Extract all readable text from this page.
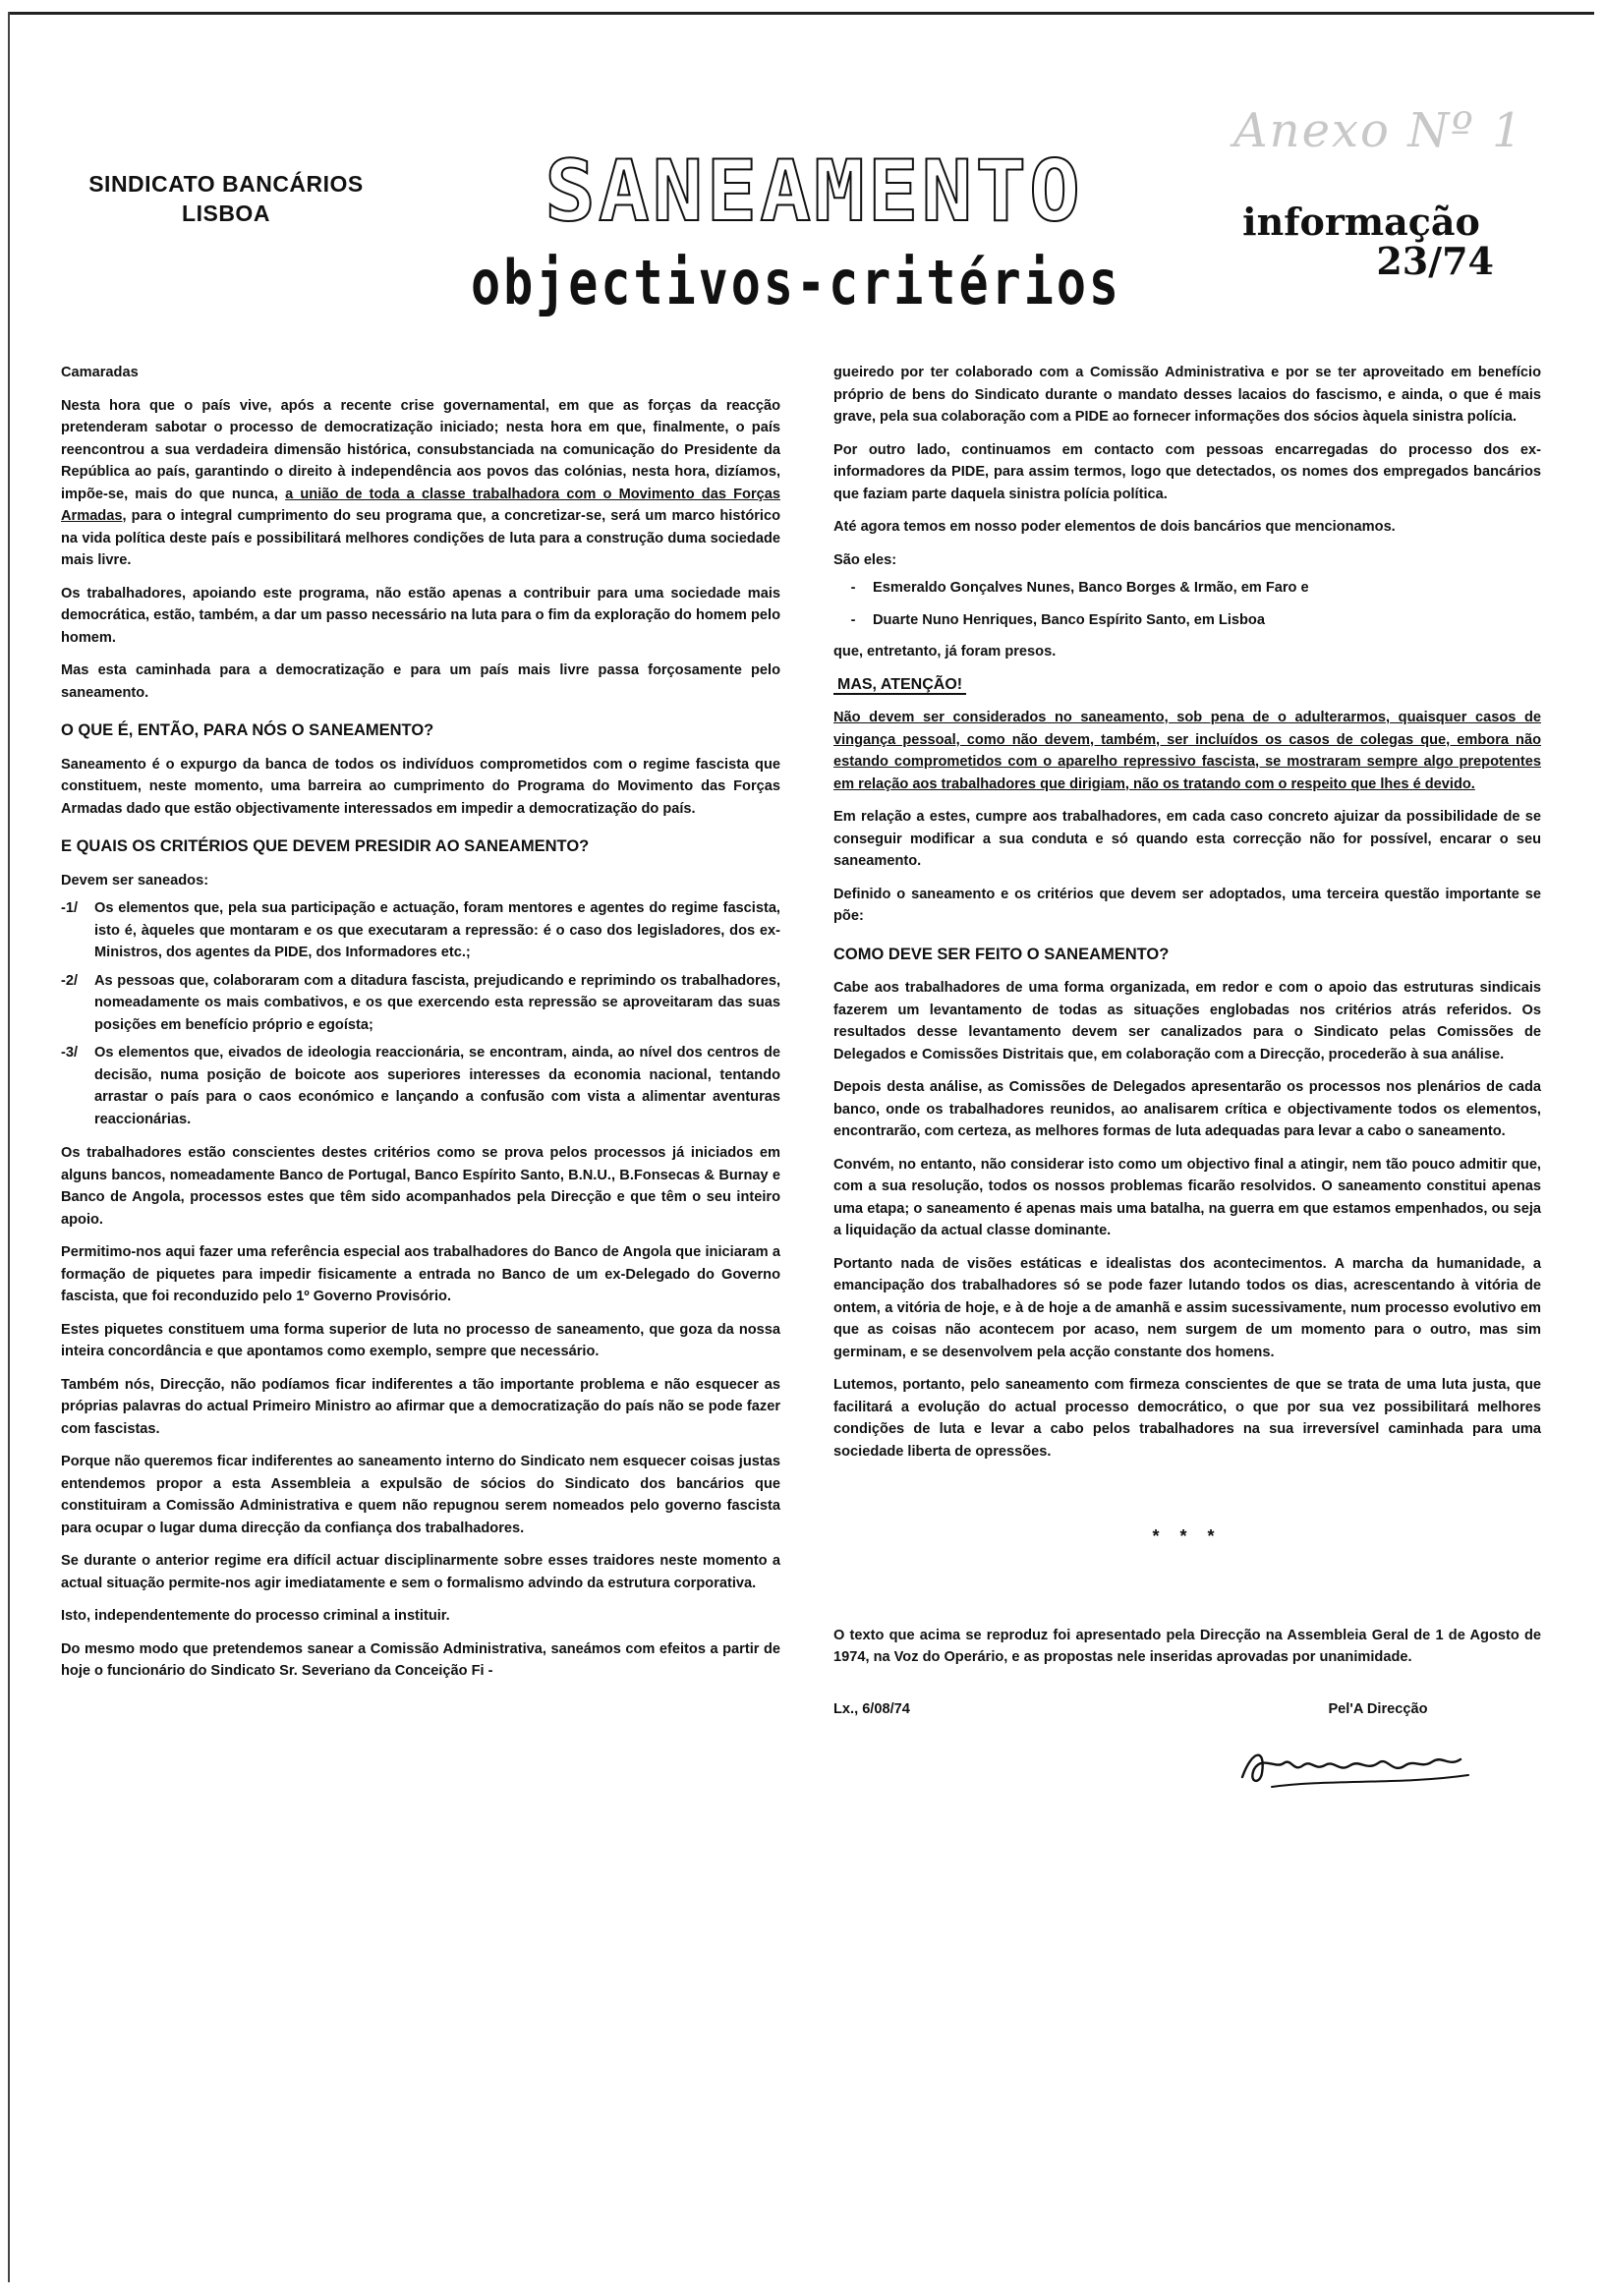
Anexo Nº 1
SINDICATO BANCÁRIOS
LISBOA	SANEAMENTO
objectivos-critérios
informação
23/74

Camaradas

Nesta hora que o país vive, após a recente crise governamental, em que as forças da reacção pretenderam sabotar o processo de democratização iniciado; nesta hora em que, finalmente, o país reencontrou a sua verdadeira dimensão histórica, consubstanciada na comunicação do Presidente da República ao país, garantindo o direito à independência aos povos das colónias, nesta hora, dizíamos, impõe-se, mais do que nunca, a união de toda a classe trabalhadora com o Movimento das Forças Armadas, para o integral cumprimento do seu programa que, a concretizar-se, será um marco histórico na vida política deste país e possibilitará melhores condições de luta para a construção duma sociedade mais livre.

Os trabalhadores, apoiando este programa, não estão apenas a contribuir para uma sociedade mais democrática, estão, também, a dar um passo necessário na luta para o fim da exploração do homem pelo homem.

Mas esta caminhada para a democratização e para um país mais livre passa forçosamente pelo saneamento.

O QUE É, ENTÃO, PARA NÓS O SANEAMENTO?

Saneamento é o expurgo da banca de todos os indivíduos comprometidos com o regime fascista que constituem, neste momento, uma barreira ao cumprimento do Programa do Movimento das Forças Armadas dado que estão objectivamente interessados em impedir a democratização do país.

E QUAIS OS CRITÉRIOS QUE DEVEM PRESIDIR AO SANEAMENTO?

Devem ser saneados:

-1/	Os elementos que, pela sua participação e actuação, foram mentores e agentes do regime fascista, isto é, àqueles que montaram e os que executaram a repressão: é o caso dos legisladores, dos ex-Ministros, dos agentes da PIDE, dos Informadores etc.;
-2/	As pessoas que, colaboraram com a ditadura fascista, prejudicando e reprimindo os trabalhadores, nomeadamente os mais combativos, e os que exercendo esta repressão se aproveitaram das suas posições em benefício próprio e egoísta;
-3/	Os elementos que, eivados de ideologia reaccionária, se encontram, ainda, ao nível dos centros de decisão, numa posição de boicote aos superiores interesses da economia nacional, tentando arrastar o país para o caos económico e lançando a confusão com vista a alimentar aventuras reaccionárias.

Os trabalhadores estão conscientes destes critérios como se prova pelos processos já iniciados em alguns bancos, nomeadamente Banco de Portugal, Banco Espírito Santo, B.N.U., B.Fonsecas & Burnay e Banco de Angola, processos estes que têm sido acompanhados pela Direcção e que têm o seu inteiro apoio.

Permitimo-nos aqui fazer uma referência especial aos trabalhadores do Banco de Angola que iniciaram a formação de piquetes para impedir fisicamente a entrada no Banco de um ex-Delegado do Governo fascista, que foi reconduzido pelo 1º Governo Provisório.

Estes piquetes constituem uma forma superior de luta no processo de saneamento, que goza da nossa inteira concordância e que apontamos como exemplo, sempre que necessário.

Também nós, Direcção, não podíamos ficar indiferentes a tão importante problema e não esquecer as próprias palavras do actual Primeiro Ministro ao afirmar que a democratização do país não se pode fazer com fascistas.

Porque não queremos ficar indiferentes ao saneamento interno do Sindicato nem esquecer coisas justas entendemos propor a esta Assembleia a expulsão de sócios do Sindicato dos bancários que constituiram a Comissão Administrativa e quem não repugnou serem nomeados pelo governo fascista para ocupar o lugar duma direcção da confiança dos trabalhadores.

Se durante o anterior regime era difícil actuar disciplinarmente sobre esses traidores neste momento a actual situação permite-nos agir imediatamente e sem o formalismo advindo da estrutura corporativa.

Isto, independentemente do processo criminal a instituir.

Do mesmo modo que pretendemos sanear a Comissão Administrativa, saneámos com efeitos a partir de hoje o funcionário do Sindicato Sr. Severiano da Conceição Fi -

gueiredo por ter colaborado com a Comissão Administrativa e por se ter aproveitado em benefício próprio de bens do Sindicato durante o mandato desses lacaios do fascismo, e ainda, o que é mais grave, pela sua colaboração com a PIDE ao fornecer informações dos sócios àquela sinistra polícia.

Por outro lado, continuamos em contacto com pessoas encarregadas do processo dos ex-informadores da PIDE, para assim termos, logo que detectados, os nomes dos empregados bancários que faziam parte daquela sinistra polícia política.

Até agora temos em nosso poder elementos de dois bancários que mencionamos.

São eles:

-	Esmeraldo Gonçalves Nunes, Banco Borges & Irmão, em Faro e
-	Duarte Nuno Henriques, Banco Espírito Santo, em Lisboa

que, entretanto, já foram presos.

MAS, ATENÇÃO!

Não devem ser considerados no saneamento, sob pena de o adulterarmos, quaisquer casos de vingança pessoal, como não devem, também, ser incluídos os casos de colegas que, embora não estando comprometidos com o aparelho repressivo fascista, se mostraram sempre algo prepotentes em relação aos trabalhadores que dirigiam, não os tratando com o respeito que lhes é devido.

Em relação a estes, cumpre aos trabalhadores, em cada caso concreto ajuizar da possibilidade de se conseguir modificar a sua conduta e só quando esta correcção não for possível, encarar o seu saneamento.

Definido o saneamento e os critérios que devem ser adoptados, uma terceira questão importante se põe:

COMO DEVE SER FEITO O SANEAMENTO?

Cabe aos trabalhadores de uma forma organizada, em redor e com o apoio das estruturas sindicais fazerem um levantamento de todas as situações englobadas nos critérios atrás referidos. Os resultados desse levantamento devem ser canalizados para o Sindicato pelas Comissões de Delegados e Comissões Distritais que, em colaboração com a Direcção, procederão à sua análise.

Depois desta análise, as Comissões de Delegados apresentarão os processos nos plenários de cada banco, onde os trabalhadores reunidos, ao analisarem crítica e objectivamente todos os elementos, encontrarão, com certeza, as melhores formas de luta adequadas para levar a cabo o saneamento.

Convém, no entanto, não considerar isto como um objectivo final a atingir, nem tão pouco admitir que, com a sua resolução, todos os nossos problemas ficarão resolvidos. O saneamento constitui apenas uma etapa; o saneamento é apenas mais uma batalha, na guerra em que estamos empenhados, ou seja a liquidação da actual classe dominante.

Portanto nada de visões estáticas e idealistas dos acontecimentos. A marcha da humanidade, a emancipação dos trabalhadores só se pode fazer lutando todos os dias, acrescentando à vitória de ontem, a vitória de hoje, e à de hoje a de amanhã e assim sucessivamente, num processo evolutivo em que as coisas não acontecem por acaso, nem surgem de um momento para o outro, mas sim germinam, e se desenvolvem pela acção constante dos homens.

Lutemos, portanto, pelo saneamento com firmeza conscientes de que se trata de uma luta justa, que facilitará a evolução do actual processo democrático, o que por sua vez possibilitará melhores condições de luta e levar a cabo pelos trabalhadores na sua irreversível caminhada para uma sociedade liberta de opressões.

* * *

O texto que acima se reproduz foi apresentado pela Direcção na Assembleia Geral de 1 de Agosto de 1974, na Voz do Operário, e as propostas nele inseridas aprovadas por unanimidade.

Lx., 6/08/74	Pel'A Direcção
